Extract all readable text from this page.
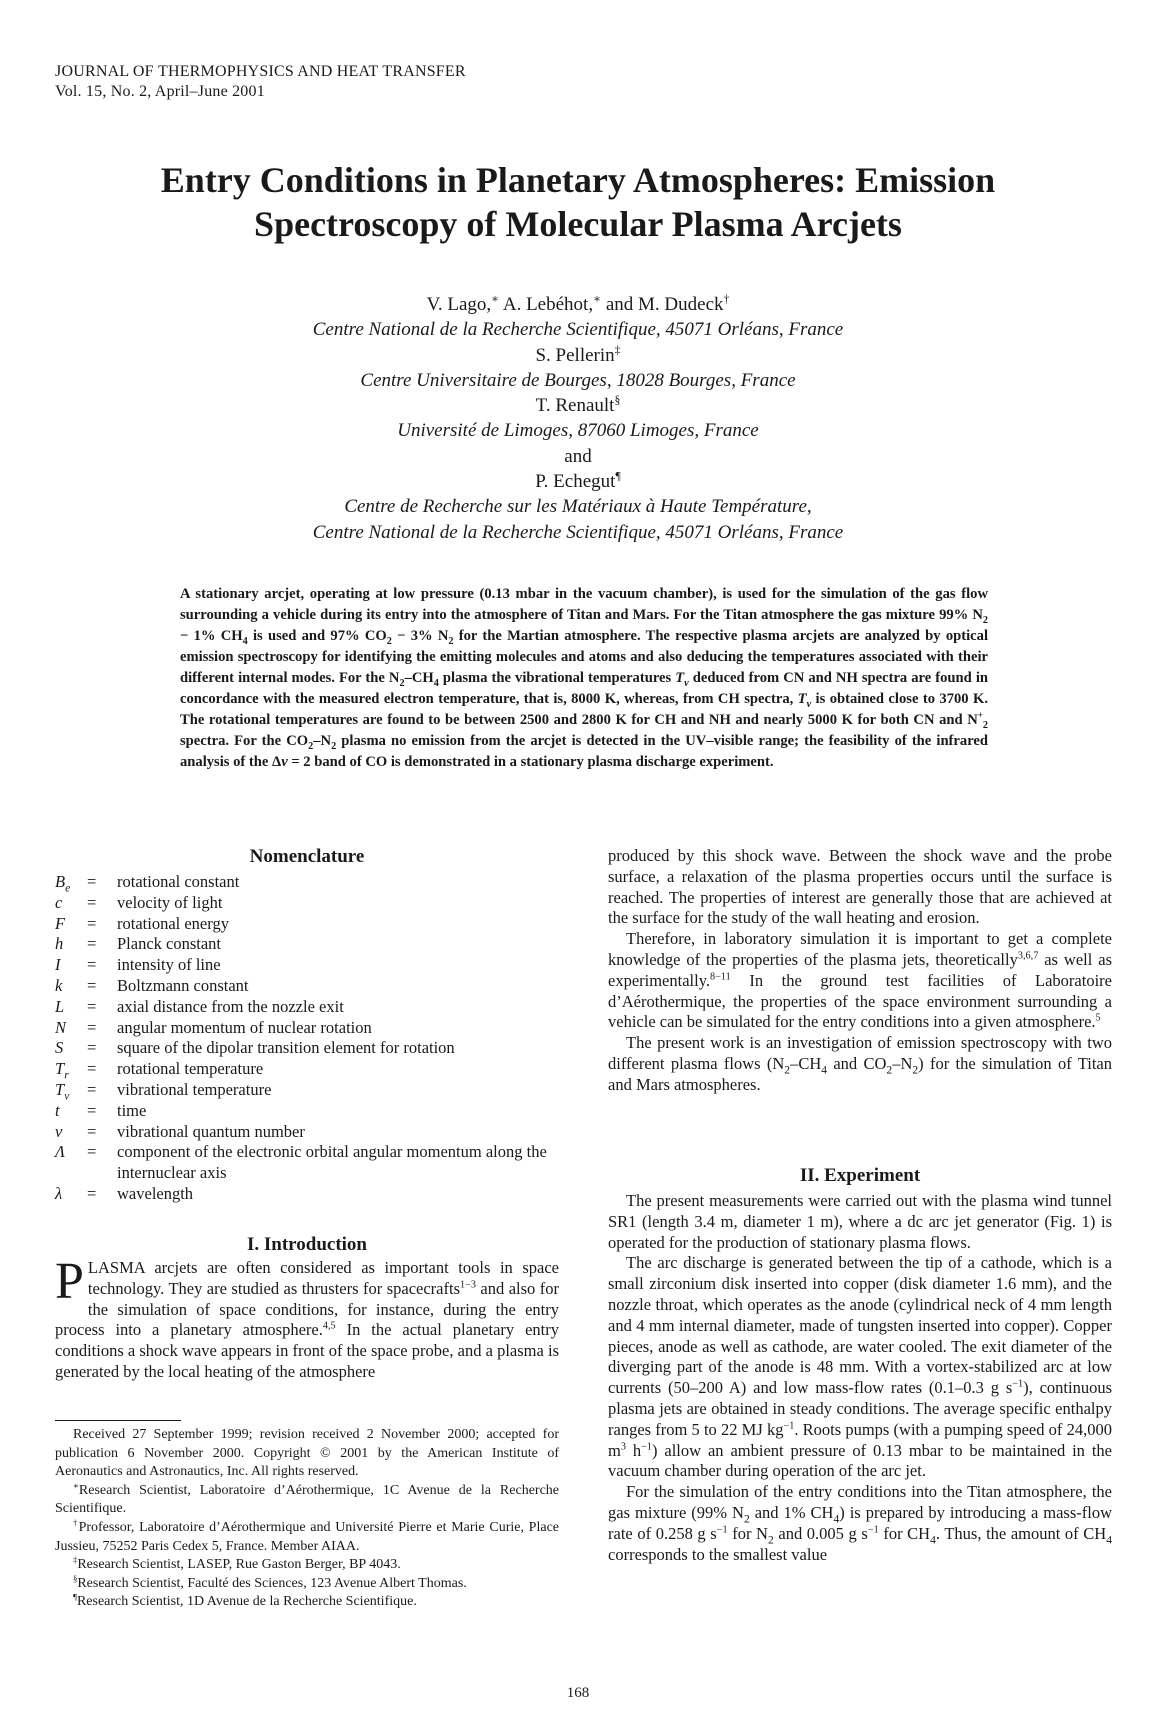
JOURNAL OF THERMOPHYSICS AND HEAT TRANSFER
Vol. 15, No. 2, April–June 2001
Entry Conditions in Planetary Atmospheres: Emission
Spectroscopy of Molecular Plasma Arcjets
V. Lago,∗ A. Lebéhot,∗ and M. Dudeck†
Centre National de la Recherche Scientifique, 45071 Orléans, France
S. Pellerin‡
Centre Universitaire de Bourges, 18028 Bourges, France
T. Renault§
Université de Limoges, 87060 Limoges, France
and
P. Echegut¶
Centre de Recherche sur les Matériaux à Haute Température,
Centre National de la Recherche Scientifique, 45071 Orléans, France
A stationary arcjet, operating at low pressure (0.13 mbar in the vacuum chamber), is used for the simulation of the gas flow surrounding a vehicle during its entry into the atmosphere of Titan and Mars. For the Titan atmosphere the gas mixture 99% $N_2 - 1\%$ $CH_4$ is used and 97% $CO_2 - 3\%$ $N_2$ for the Martian atmosphere. The respective plasma arcjets are analyzed by optical emission spectroscopy for identifying the emitting molecules and atoms and also deducing the temperatures associated with their different internal modes. For the $N_2-CH_4$ plasma the vibrational temperatures $T_v$ deduced from CN and NH spectra are found in concordance with the measured electron temperature, that is, 8000 K, whereas, from CH spectra, $T_v$ is obtained close to 3700 K. The rotational temperatures are found to be between 2500 and 2800 K for CH and NH and nearly 5000 K for both CN and $N^+_2$ spectra. For the $CO_2-N_2$ plasma no emission from the arcjet is detected in the UV–visible range; the feasibility of the infrared analysis of the Δv = 2 band of CO is demonstrated in a stationary plasma discharge experiment.
Nomenclature
$B_e$	=	rotational constant
c	=	velocity of light
F	=	rotational energy
h	=	Planck constant
I	=	intensity of line
k	=	Boltzmann constant
L	=	axial distance from the nozzle exit
N	=	angular momentum of nuclear rotation
S	=	square of the dipolar transition element for rotation
$T_r$	=	rotational temperature
$T_v$	=	vibrational temperature
t	=	time
v	=	vibrational quantum number
Λ	=	component of the electronic orbital angular momentum along the internuclear axis
λ	=	wavelength
I. Introduction

PLASMA arcjets are often considered as important tools in space technology. They are studied as thrusters for spacecrafts$^{1-3}$ and also for the simulation of space conditions, for instance, during the entry process into a planetary atmosphere.$^{4,5}$ In the actual planetary entry conditions a shock wave appears in front of the space probe, and a plasma is generated by the local heating of the atmosphere

Received 27 September 1999; revision received 2 November 2000; accepted for publication 6 November 2000. Copyright © 2001 by the American Institute of Aeronautics and Astronautics, Inc. All rights reserved.

∗Research Scientist, Laboratoire d’Aérothermique, 1C Avenue de la Recherche Scientifique.

†Professor, Laboratoire d’Aérothermique and Université Pierre et Marie Curie, Place Jussieu, 75252 Paris Cedex 5, France. Member AIAA.

‡Research Scientist, LASEP, Rue Gaston Berger, BP 4043.

§Research Scientist, Faculté des Sciences, 123 Avenue Albert Thomas.

¶Research Scientist, 1D Avenue de la Recherche Scientifique.

produced by this shock wave. Between the shock wave and the probe surface, a relaxation of the plasma properties occurs until the surface is reached. The properties of interest are generally those that are achieved at the surface for the study of the wall heating and erosion.

Therefore, in laboratory simulation it is important to get a complete knowledge of the properties of the plasma jets, theoretically$^{3,6,7}$ as well as experimentally.$^{8-11}$ In the ground test facilities of Laboratoire d’Aérothermique, the properties of the space environment surrounding a vehicle can be simulated for the entry conditions into a given atmosphere.$^5$

The present work is an investigation of emission spectroscopy with two different plasma flows ($N_2-CH_4$ and $CO_2-N_2$) for the simulation of Titan and Mars atmospheres.

II. Experiment

The present measurements were carried out with the plasma wind tunnel SR1 (length 3.4 m, diameter 1 m), where a dc arc jet generator (Fig. 1) is operated for the production of stationary plasma flows.

The arc discharge is generated between the tip of a cathode, which is a small zirconium disk inserted into copper (disk diameter 1.6 mm), and the nozzle throat, which operates as the anode (cylindrical neck of 4 mm length and 4 mm internal diameter, made of tungsten inserted into copper). Copper pieces, anode as well as cathode, are water cooled. The exit diameter of the diverging part of the anode is 48 mm. With a vortex-stabilized arc at low currents (50–200 A) and low mass-flow rates (0.1–0.3 g $s^{-1}$), continuous plasma jets are obtained in steady conditions. The average specific enthalpy ranges from 5 to 22 MJ $kg^{-1}$. Roots pumps (with a pumping speed of 24,000 $m^3$ $h^{-1}$) allow an ambient pressure of 0.13 mbar to be maintained in the vacuum chamber during operation of the arc jet.

For the simulation of the entry conditions into the Titan atmosphere, the gas mixture (99% $N_2$ and 1% $CH_4$) is prepared by introducing a mass-flow rate of 0.258 g $s^{-1}$ for $N_2$ and 0.005 g $s^{-1}$ for $CH_4$. Thus, the amount of $CH_4$ corresponds to the smallest value

168
